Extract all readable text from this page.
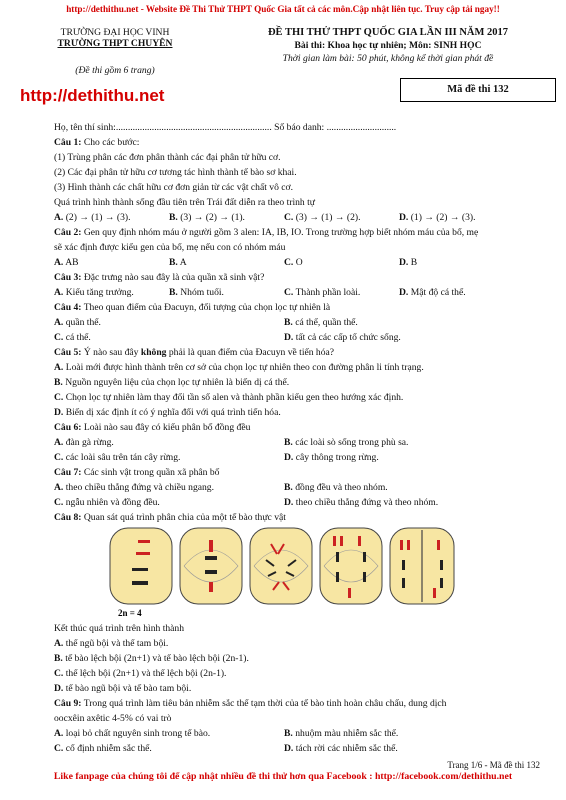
http://dethithu.net - Website Đề Thi Thử THPT Quốc Gia tất cả các môn.Cập nhật liên tục. Truy cập tải ngay!!
TRƯỜNG ĐẠI HỌC VINH
TRƯỜNG THPT CHUYÊN
(Đề thi gồm 6 trang)
http://dethithu.net
ĐỀ THI THỬ THPT QUỐC GIA LẦN III NĂM 2017
Bài thi: Khoa học tự nhiên; Môn: SINH HỌC
Thời gian làm bài: 50 phút, không kể thời gian phát đề
Mã đề thi 132
Họ, tên thí sinh:................................................................. Số báo danh: .............................
Câu 1: Cho các bước:
(1) Trùng phân các đơn phân thành các đại phân tử hữu cơ.
(2) Các đại phân tử hữu cơ tương tác hình thành tế bào sơ khai.
(3) Hình thành các chất hữu cơ đơn giản từ các vật chất vô cơ.
Quá trình hình thành sống đầu tiên trên Trái đất diễn ra theo trình tự
A. (2) → (1) → (3).	B. (3) → (2) → (1).	C. (3) → (1) → (2).	D. (1) → (2) → (3).
Câu 2: Gen quy định nhóm máu ở người gồm 3 alen: IA, IB, IO. Trong trường hợp biết nhóm máu của bố, mẹ
sẽ xác định được kiểu gen của bố, mẹ nếu con có nhóm máu
A. AB	B. A	C. O	D. B
Câu 3: Đặc trưng nào sau đây là của quần xã sinh vật?
A. Kiểu tăng trưởng.	B. Nhóm tuổi.	C. Thành phần loài.	D. Mật độ cá thể.
Câu 4: Theo quan điểm của Đacuyn, đối tượng của chọn lọc tự nhiên là
A. quần thể.	B. cá thể, quần thể.
C. cá thể.	D. tất cả các cấp tổ chức sống.
Câu 5: Ý nào sau đây không phải là quan điểm của Đacuyn về tiến hóa?
A. Loài mới được hình thành trên cơ sở của chọn lọc tự nhiên theo con đường phân li tính trạng.
B. Nguồn nguyên liệu của chọn lọc tự nhiên là biến dị cá thể.
C. Chọn lọc tự nhiên làm thay đổi tần số alen và thành phần kiểu gen theo hướng xác định.
D. Biến dị xác định ít có ý nghĩa đối với quá trình tiến hóa.
Câu 6: Loài nào sau đây có kiểu phân bố đồng đều
A. đàn gà rừng.	B. các loài sò sống trong phù sa.
C. các loài sâu trên tán cây rừng.	D. cây thông trong rừng.
Câu 7: Các sinh vật trong quần xã phân bố
A. theo chiều thẳng đứng và chiều ngang.	B. đồng đều và theo nhóm.
C. ngẫu nhiên và đồng đều.	D. theo chiều thẳng đứng và theo nhóm.
Câu 8: Quan sát quá trình phân chia của một tế bào thực vật
2n = 4
Kết thúc quá trình trên hình thành
A. thể ngũ bội và thể tam bội.
B. tế bào lệch bội (2n+1) và tế bào lệch bội (2n-1).
C. thể lệch bội (2n+1) và thể lệch bội (2n-1).
D. tế bào ngũ bội và tế bào tam bội.
Câu 9: Trong quá trình làm tiêu bản nhiễm sắc thể tạm thời của tế bào tinh hoàn châu chấu, dung dịch
oocxêin axêtic 4-5% có vai trò
A. loại bỏ chất nguyên sinh trong tế bào.	B. nhuộm màu nhiễm sắc thể.
C. cố định nhiễm sắc thể.	D. tách rời các nhiễm sắc thể.
Trang 1/6 - Mã đề thi 132
Like fanpage của chúng tôi để cập nhật nhiều đề thi thử hơn qua Facebook : http://facebook.com/dethithu.net
